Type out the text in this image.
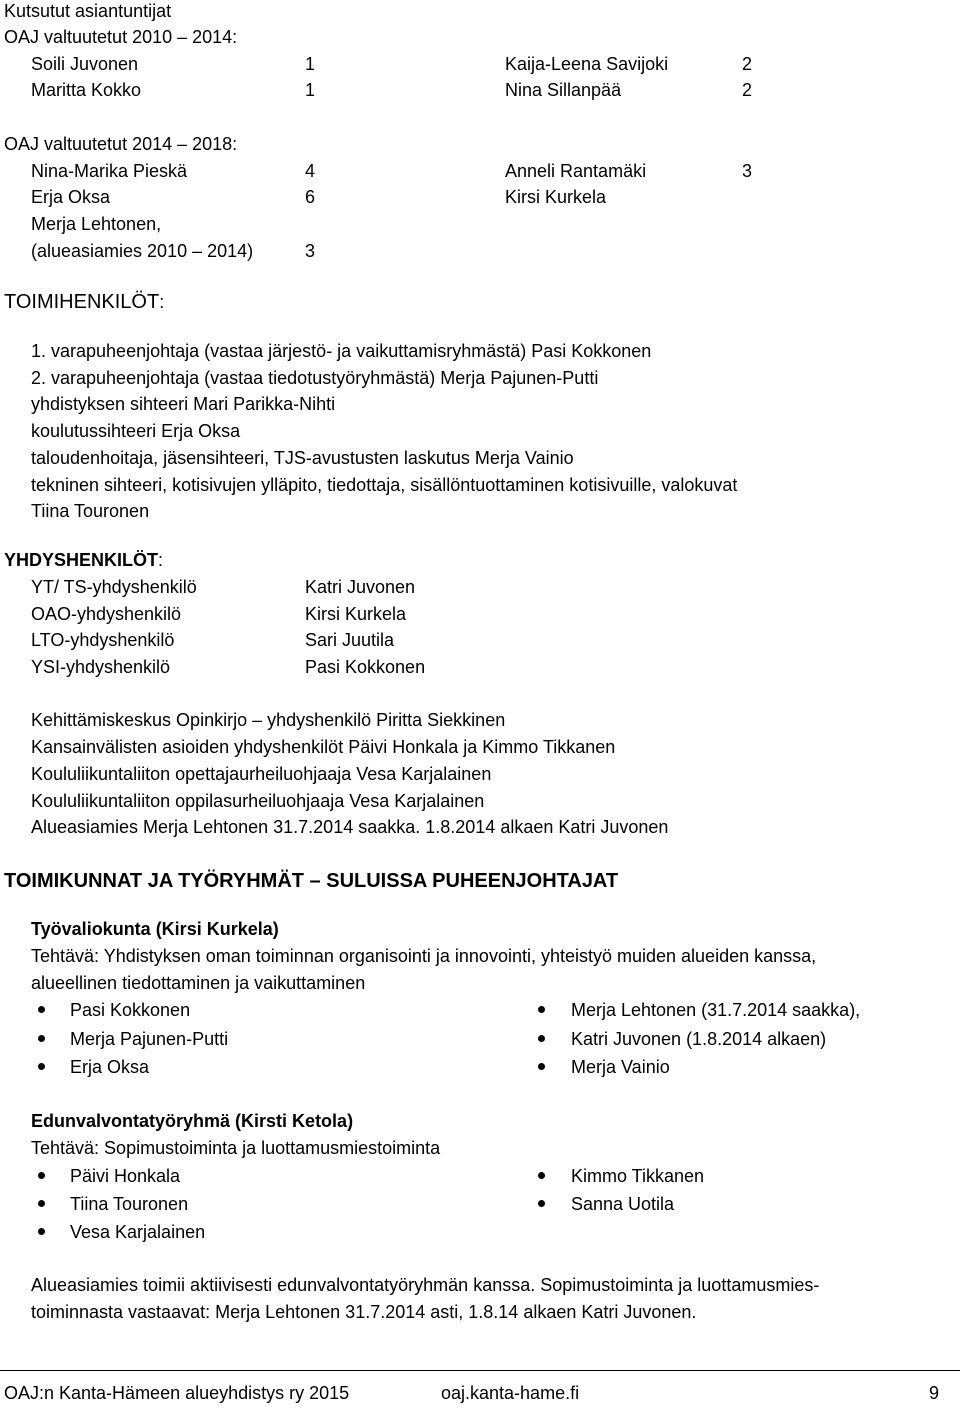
Kutsutut asiantuntijat
OAJ valtuutetut 2010 – 2014:
Soili Juvonen	1	Kaija-Leena Savijoki	2
Maritta Kokko	1	Nina Sillanpää	2
OAJ valtuutetut 2014 – 2018:
Nina-Marika Pieskä	4	Anneli Rantamäki	3
Erja Oksa	6	Kirsi Kurkela
Merja Lehtonen,
(alueasiamies 2010 – 2014)	3
TOIMIHENKILÖT:
1. varapuheenjohtaja (vastaa järjestö- ja vaikuttamisryhmästä) Pasi Kokkonen
2. varapuheenjohtaja (vastaa tiedotustyöryhmästä) Merja Pajunen-Putti
yhdistyksen sihteeri Mari Parikka-Nihti
koulutussihteeri Erja Oksa
taloudenhoitaja, jäsensihteeri, TJS-avustusten laskutus Merja Vainio
tekninen sihteeri, kotisivujen ylläpito, tiedottaja, sisällöntuottaminen kotisivuille, valokuvat
Tiina Touronen
YHDYSHENKILÖT:
YT/ TS-yhdyshenkilö	Katri Juvonen
OAO-yhdyshenkilö	Kirsi Kurkela
LTO-yhdyshenkilö	Sari Juutila
YSI-yhdyshenkilö	Pasi Kokkonen
Kehittämiskeskus Opinkirjo – yhdyshenkilö Piritta Siekkinen
Kansainvälisten asioiden yhdyshenkilöt Päivi Honkala ja Kimmo Tikkanen
Koululiikuntaliiton opettajaurheiluohjaaja Vesa Karjalainen
Koululiikuntaliiton oppilasurheiluohjaaja Vesa Karjalainen
Alueasiamies Merja Lehtonen 31.7.2014 saakka. 1.8.2014 alkaen Katri Juvonen
TOIMIKUNNAT JA TYÖRYHMÄT – SULUISSA PUHEENJOHTAJAT
Työvaliokunta (Kirsi Kurkela)
Tehtävä: Yhdistyksen oman toiminnan organisointi ja innovointi, yhteistyö muiden alueiden kanssa,
alueellinen tiedottaminen ja vaikuttaminen
Pasi Kokkonen	Merja Lehtonen (31.7.2014 saakka),
Merja Pajunen-Putti	Katri Juvonen (1.8.2014 alkaen)
Erja Oksa	Merja Vainio
Edunvalvontatyöryhmä (Kirsti Ketola)
Tehtävä: Sopimustoiminta ja luottamusmiestoiminta
Päivi Honkala	Kimmo Tikkanen
Tiina Touronen	Sanna Uotila
Vesa Karjalainen
Alueasiamies toimii aktiivisesti edunvalvontatyöryhmän kanssa. Sopimustoiminta ja luottamusmies-
toiminnasta vastaavat: Merja Lehtonen 31.7.2014 asti, 1.8.14 alkaen Katri Juvonen.
OAJ:n Kanta-Hämeen alueyhdistys ry 2015	oaj.kanta-hame.fi	9
